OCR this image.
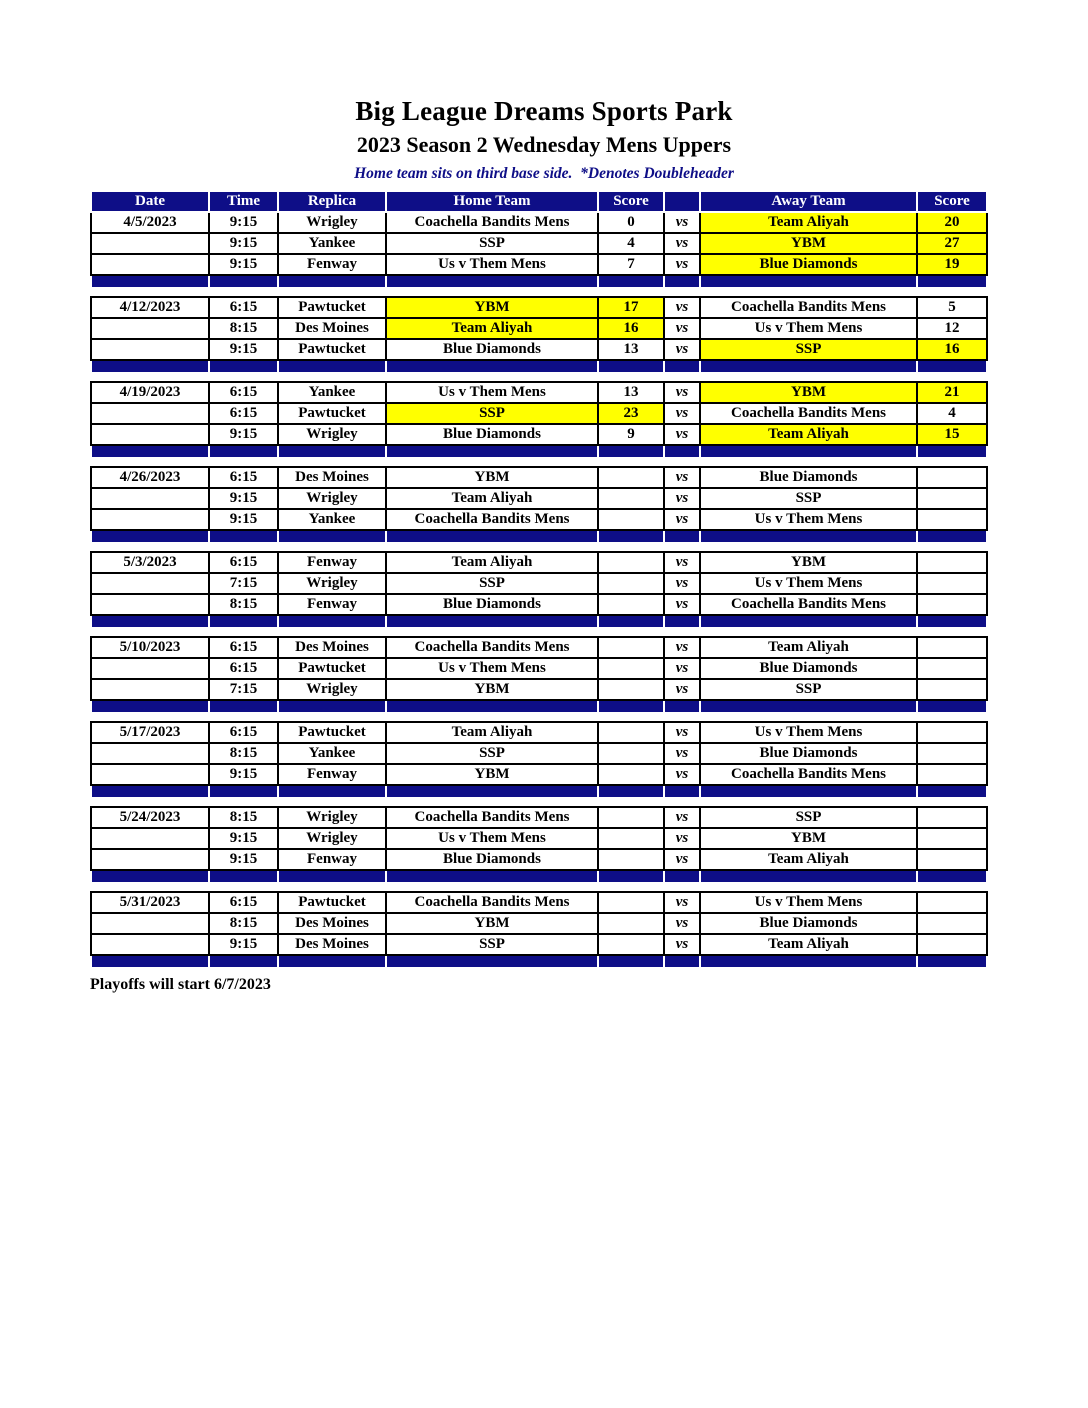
Big League Dreams Sports Park
2023 Season 2 Wednesday Mens Uppers
Home team sits on third base side.  *Denotes Doubleheader
Date	Time	Replica	Home Team	Score		Away Team	Score
4/5/2023	9:15	Wrigley	Coachella Bandits Mens	0	vs	Team Aliyah	20
	9:15	Yankee	SSP	4	vs	YBM	27
	9:15	Fenway	Us v Them Mens	7	vs	Blue Diamonds	19

4/12/2023	6:15	Pawtucket	YBM	17	vs	Coachella Bandits Mens	5
	8:15	Des Moines	Team Aliyah	16	vs	Us v Them Mens	12
	9:15	Pawtucket	Blue Diamonds	13	vs	SSP	16

4/19/2023	6:15	Yankee	Us v Them Mens	13	vs	YBM	21
	6:15	Pawtucket	SSP	23	vs	Coachella Bandits Mens	4
	9:15	Wrigley	Blue Diamonds	9	vs	Team Aliyah	15

4/26/2023	6:15	Des Moines	YBM		vs	Blue Diamonds	
	9:15	Wrigley	Team Aliyah		vs	SSP	
	9:15	Yankee	Coachella Bandits Mens		vs	Us v Them Mens	

5/3/2023	6:15	Fenway	Team Aliyah		vs	YBM	
	7:15	Wrigley	SSP		vs	Us v Them Mens	
	8:15	Fenway	Blue Diamonds		vs	Coachella Bandits Mens	

5/10/2023	6:15	Des Moines	Coachella Bandits Mens		vs	Team Aliyah	
	6:15	Pawtucket	Us v Them Mens		vs	Blue Diamonds	
	7:15	Wrigley	YBM		vs	SSP	

5/17/2023	6:15	Pawtucket	Team Aliyah		vs	Us v Them Mens	
	8:15	Yankee	SSP		vs	Blue Diamonds	
	9:15	Fenway	YBM		vs	Coachella Bandits Mens	

5/24/2023	8:15	Wrigley	Coachella Bandits Mens		vs	SSP	
	9:15	Wrigley	Us v Them Mens		vs	YBM	
	9:15	Fenway	Blue Diamonds		vs	Team Aliyah	

5/31/2023	6:15	Pawtucket	Coachella Bandits Mens		vs	Us v Them Mens	
	8:15	Des Moines	YBM		vs	Blue Diamonds	
	9:15	Des Moines	SSP		vs	Team Aliyah	

Playoffs will start 6/7/2023
